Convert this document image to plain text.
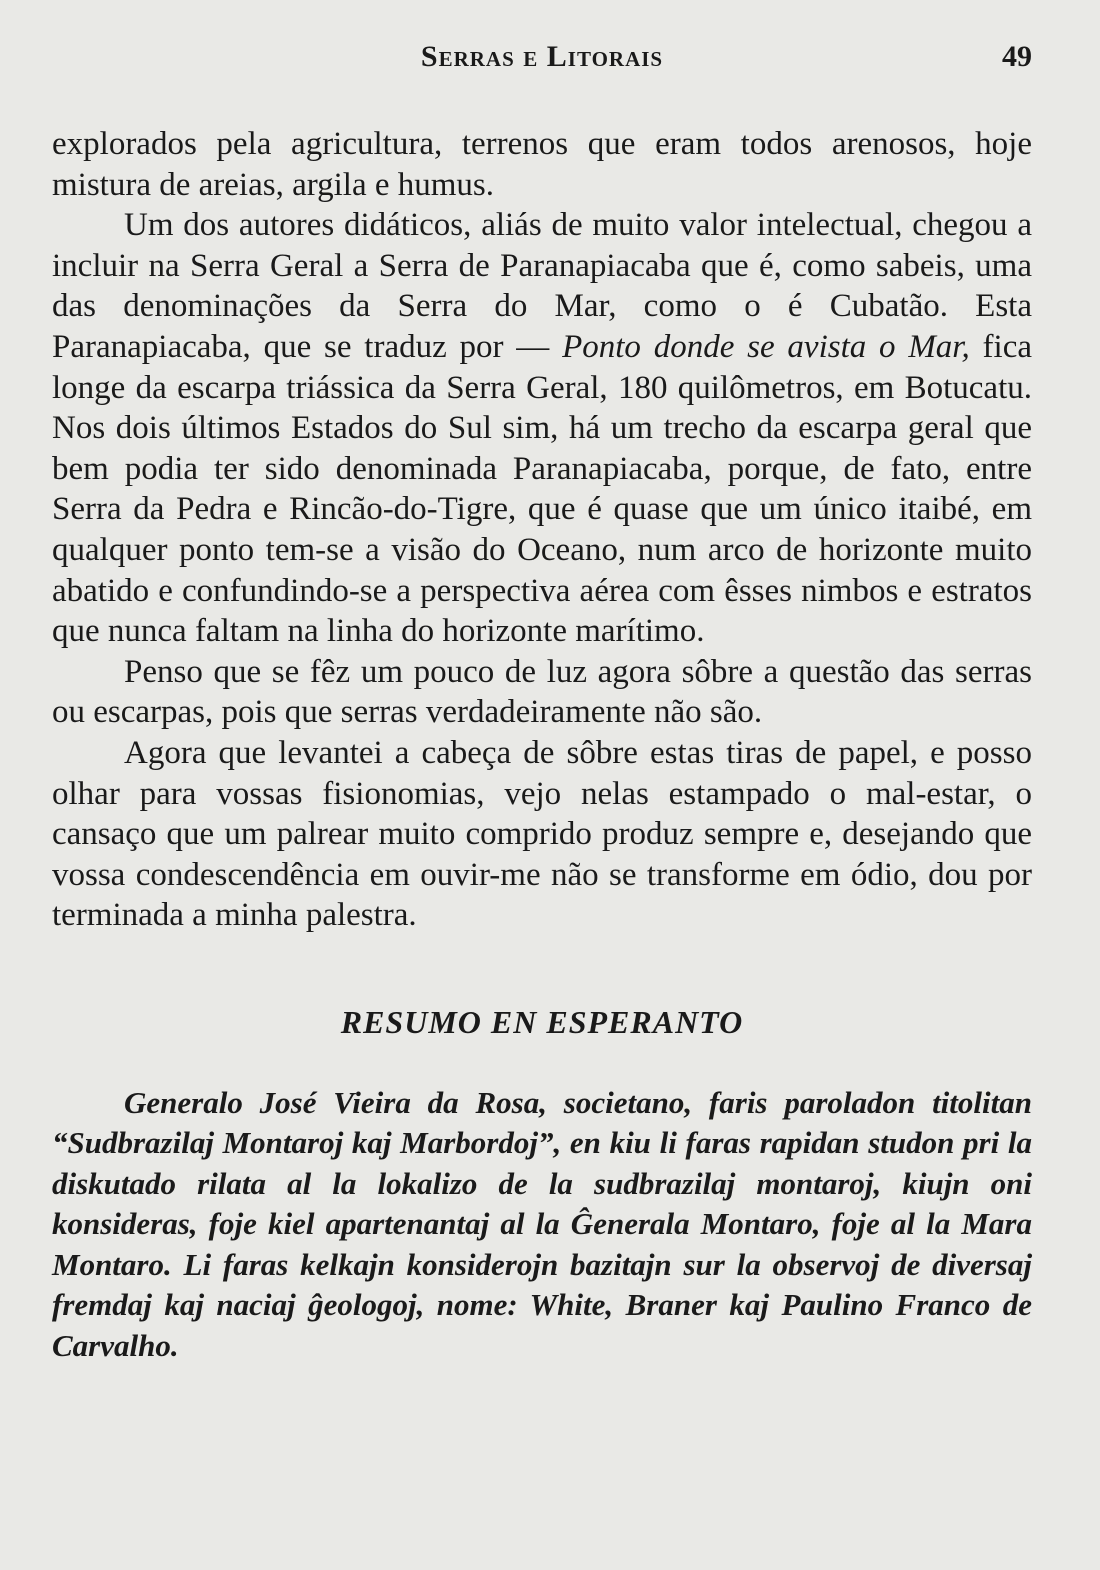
Serras e Litorais	49

explorados pela agricultura, terrenos que eram todos arenosos, hoje mistura de areias, argila e humus.

Um dos autores didáticos, aliás de muito valor intelectual, chegou a incluir na Serra Geral a Serra de Paranapiacaba que é, como sabeis, uma das denominações da Serra do Mar, como o é Cubatão. Esta Paranapiacaba, que se traduz por — Ponto donde se avista o Mar, fica longe da escarpa triássica da Serra Geral, 180 quilômetros, em Botucatu. Nos dois últimos Estados do Sul sim, há um trecho da escarpa geral que bem podia ter sido denominada Paranapiacaba, porque, de fato, entre Serra da Pedra e Rincão-do-Tigre, que é quase que um único itaibé, em qualquer ponto tem-se a visão do Oceano, num arco de horizonte muito abatido e confundindo-se a perspectiva aérea com êsses nimbos e estratos que nunca faltam na linha do horizonte marítimo.

Penso que se fêz um pouco de luz agora sôbre a questão das serras ou escarpas, pois que serras verdadeiramente não são.

Agora que levantei a cabeça de sôbre estas tiras de papel, e posso olhar para vossas fisionomias, vejo nelas estampado o mal-estar, o cansaço que um palrear muito comprido produz sempre e, desejando que vossa condescendência em ouvir-me não se transforme em ódio, dou por terminada a minha palestra.

RESUMO EN ESPERANTO
Generalo José Vieira da Rosa, societano, faris paroladon titolitan “Sudbrazilaj Montaroj kaj Marbordoj”, en kiu li faras rapidan studon pri la diskutado rilata al la lokalizo de la sudbrazilaj montaroj, kiujn oni konsideras, foje kiel apartenantaj al la Ĝenerala Montaro, foje al la Mara Montaro. Li faras kelkajn konsiderojn bazitajn sur la observoj de diversaj fremdaj kaj naciaj ĝeologoj, nome: White, Braner kaj Paulino Franco de Carvalho.
